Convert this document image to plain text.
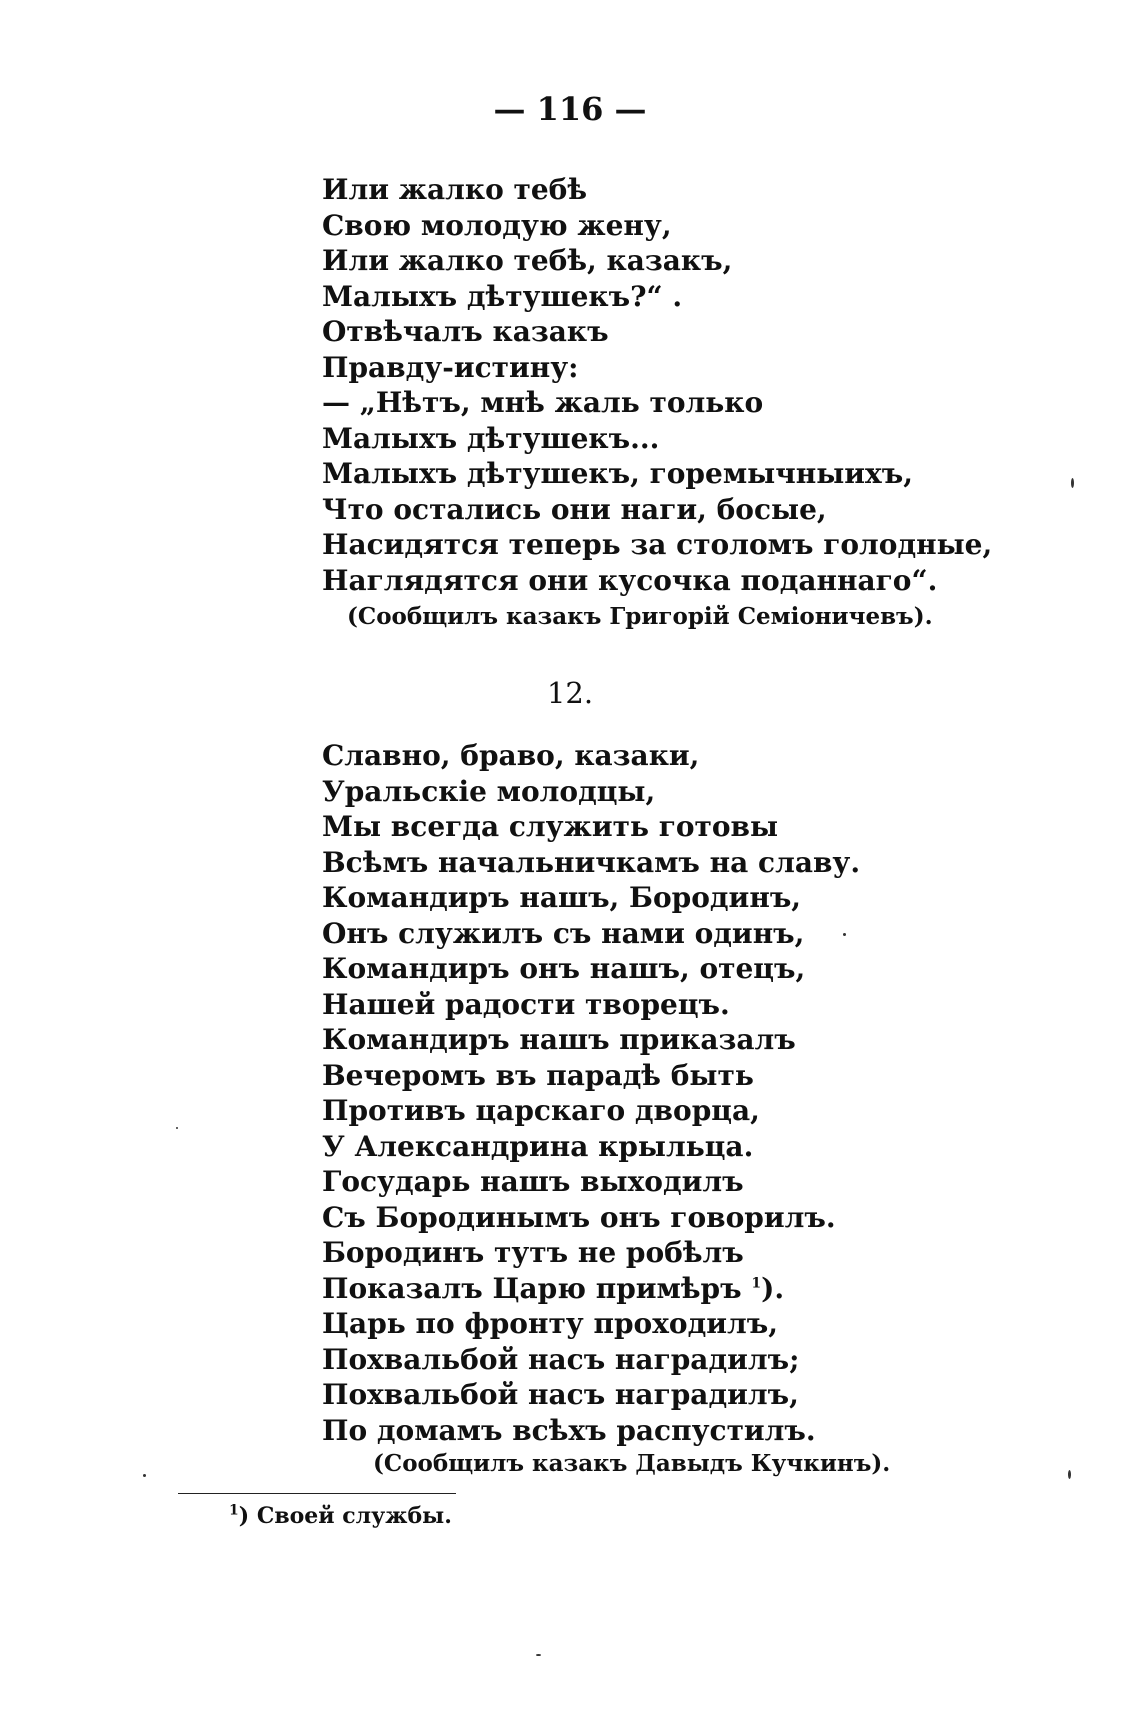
— 116 —
Или жалко тебѣ
Свою молодую жену,
Или жалко тебѣ, казакъ,
Малыхъ дѣтушекъ?“ .
Отвѣчалъ казакъ
Правду-истину:
— „Нѣтъ, мнѣ жаль только
Малыхъ дѣтушекъ...
Малыхъ дѣтушекъ, горемычныихъ,
Что остались они наги, босые,
Насидятся теперь за столомъ голодные,
Наглядятся они кусочка поданнаго“.
(Сообщилъ казакъ Григорій Семіоничевъ).
12.
Славно, браво, казаки,
Уральскіе молодцы,
Мы всегда служить готовы
Всѣмъ начальничкамъ на славу.
Командиръ нашъ, Бородинъ,
Онъ служилъ съ нами одинъ,
Командиръ онъ нашъ, отецъ,
Нашей радости творецъ.
Командиръ нашъ приказалъ
Вечеромъ въ парадѣ быть
Противъ царскаго дворца,
У Александрина крыльца.
Государь нашъ выходилъ
Съ Бородинымъ онъ говорилъ.
Бородинъ тутъ не робѣлъ
Показалъ Царю примѣръ $^1$).
Царь по фронту проходилъ,
Похвальбой насъ наградилъ;
Похвальбой насъ наградилъ,
По домамъ всѣхъ распустилъ.
(Сообщилъ казакъ Давыдъ Кучкинъ).
$^1$) Своей службы.
